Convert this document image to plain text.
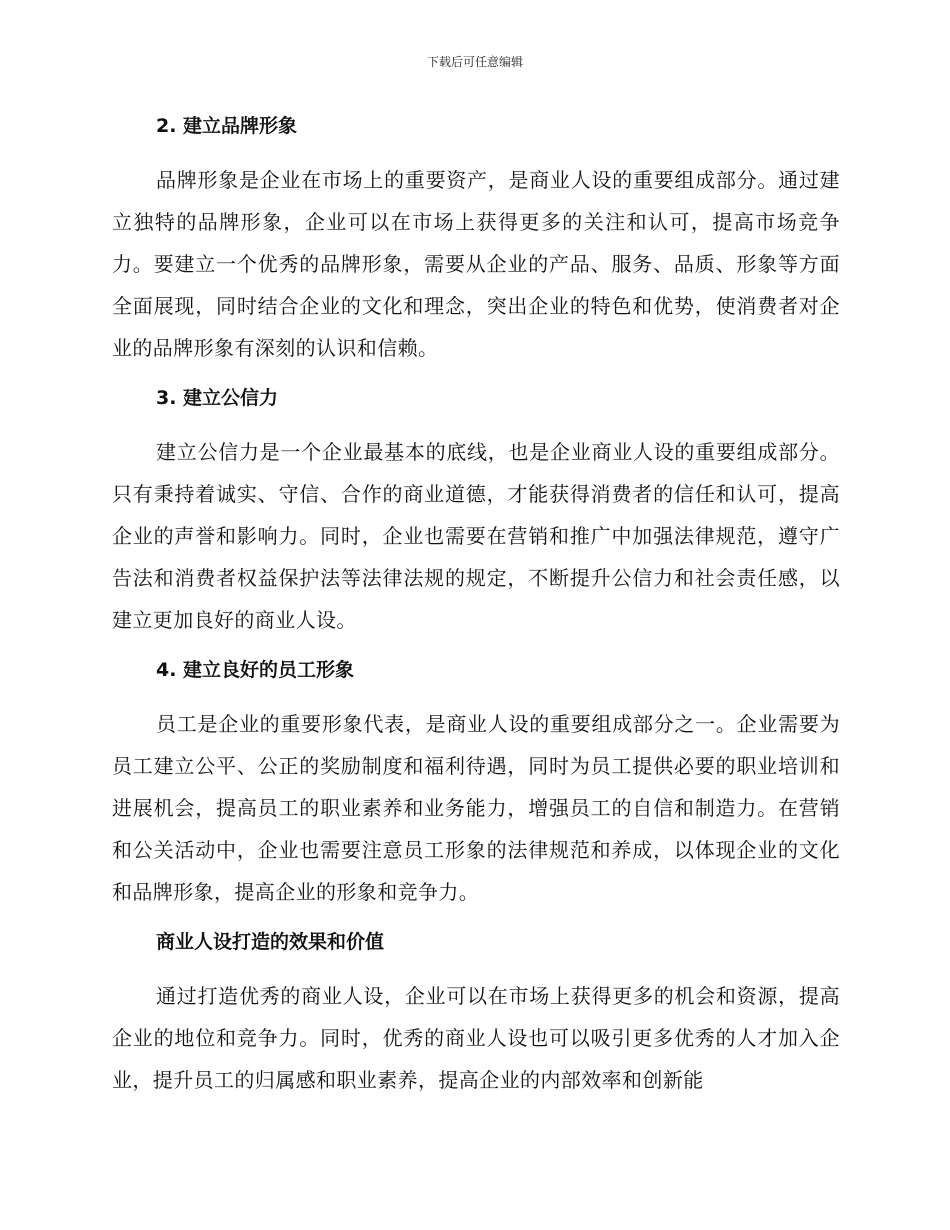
下载后可任意编辑
2. 建立品牌形象
品牌形象是企业在市场上的重要资产，是商业人设的重要组成部分。通过建立独特的品牌形象，企业可以在市场上获得更多的关注和认可，提高市场竞争力。要建立一个优秀的品牌形象，需要从企业的产品、服务、品质、形象等方面全面展现，同时结合企业的文化和理念，突出企业的特色和优势，使消费者对企业的品牌形象有深刻的认识和信赖。
3. 建立公信力
建立公信力是一个企业最基本的底线，也是企业商业人设的重要组成部分。只有秉持着诚实、守信、合作的商业道德，才能获得消费者的信任和认可，提高企业的声誉和影响力。同时，企业也需要在营销和推广中加强法律规范，遵守广告法和消费者权益保护法等法律法规的规定，不断提升公信力和社会责任感，以建立更加良好的商业人设。
4. 建立良好的员工形象
员工是企业的重要形象代表，是商业人设的重要组成部分之一。企业需要为员工建立公平、公正的奖励制度和福利待遇，同时为员工提供必要的职业培训和进展机会，提高员工的职业素养和业务能力，增强员工的自信和制造力。在营销和公关活动中，企业也需要注意员工形象的法律规范和养成，以体现企业的文化和品牌形象，提高企业的形象和竞争力。
商业人设打造的效果和价值
通过打造优秀的商业人设，企业可以在市场上获得更多的机会和资源，提高企业的地位和竞争力。同时，优秀的商业人设也可以吸引更多优秀的人才加入企业，提升员工的归属感和职业素养，提高企业的内部效率和创新能
